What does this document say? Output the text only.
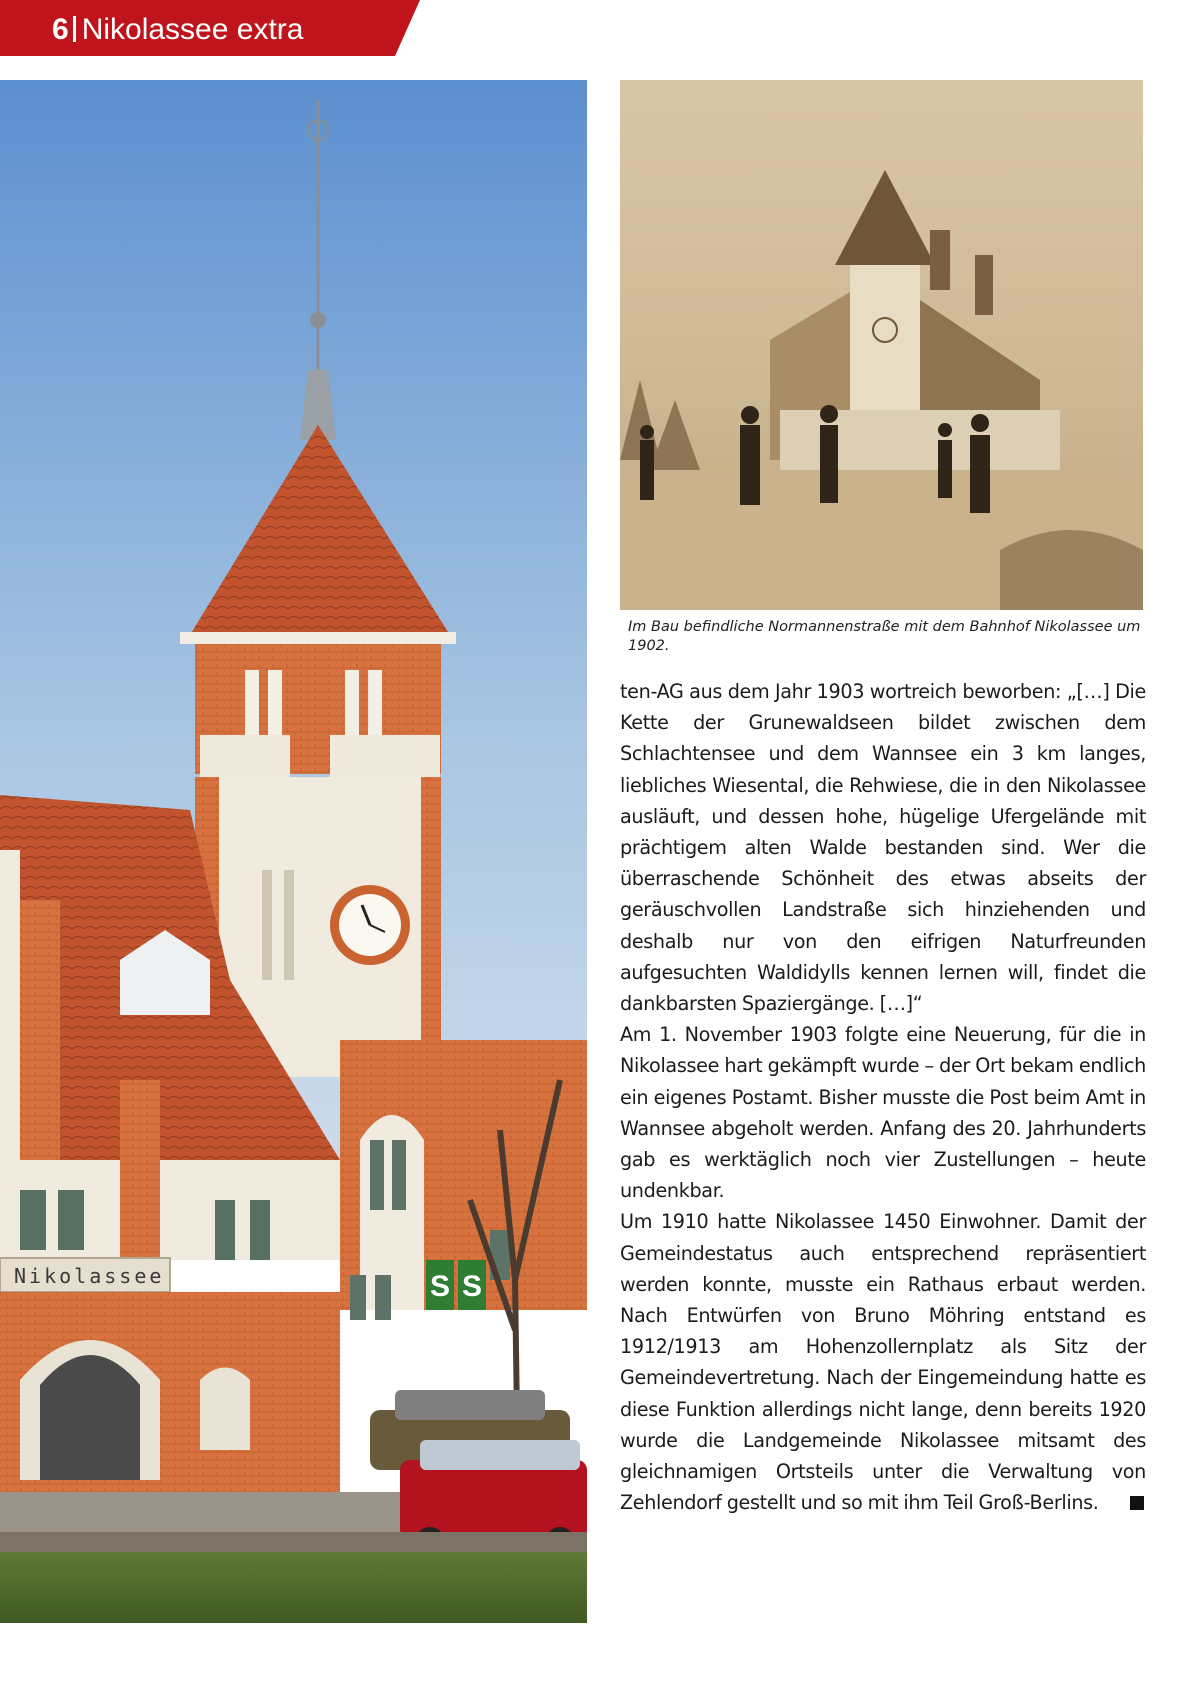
6 Nikolassee extra
Nikolassee	S S
Im Bau befindliche Normannenstraße mit dem Bahnhof Nikolassee um 1902.

ten-AG aus dem Jahr 1903 wortreich beworben: „[…] Die Kette der Grunewaldseen bildet zwischen dem Schlachtensee und dem Wannsee ein 3 km langes, liebliches Wiesental, die Rehwiese, die in den Nikolassee ausläuft, und dessen hohe, hügelige Ufergelände mit prächtigem alten Walde bestanden sind. Wer die überraschende Schönheit des etwas abseits der geräuschvollen Landstraße sich hinziehenden und deshalb nur von den eifrigen Naturfreunden aufgesuchten Waldidylls kennen lernen will, findet die dankbarsten Spaziergänge. […]“

Am 1. November 1903 folgte eine Neuerung, für die in Nikolassee hart gekämpft wurde – der Ort bekam endlich ein eigenes Postamt. Bisher musste die Post beim Amt in Wannsee abgeholt werden. Anfang des 20. Jahrhunderts gab es werktäglich noch vier Zustellungen – heute undenkbar.

Um 1910 hatte Nikolassee 1450 Einwohner. Damit der Gemeindestatus auch entsprechend repräsentiert werden konnte, musste ein Rathaus erbaut werden. Nach Entwürfen von Bruno Möhring entstand es 1912/1913 am Hohenzollernplatz als Sitz der Gemeindevertretung. Nach der Eingemeindung hatte es diese Funktion allerdings nicht lange, denn bereits 1920 wurde die Landgemeinde Nikolassee mitsamt des gleichnamigen Ortsteils unter die Verwaltung von Zehlendorf gestellt und so mit ihm Teil Groß-Berlins.
